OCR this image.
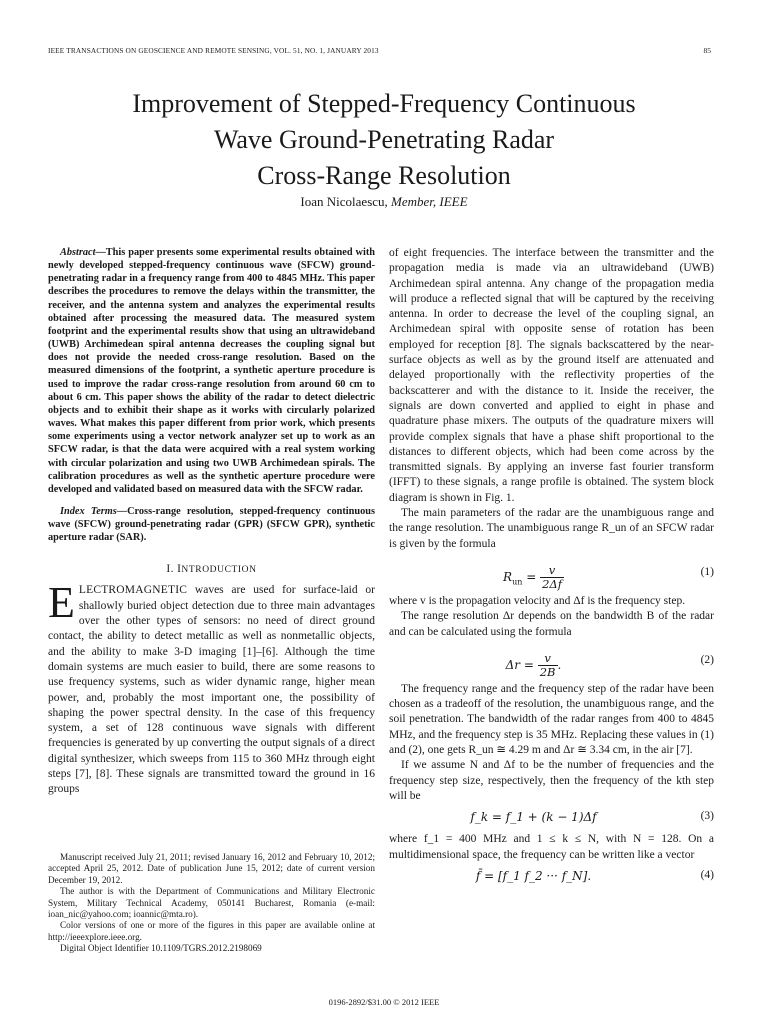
IEEE TRANSACTIONS ON GEOSCIENCE AND REMOTE SENSING, VOL. 51, NO. 1, JANUARY 2013	85
Improvement of Stepped-Frequency Continuous
Wave Ground-Penetrating Radar
Cross-Range Resolution
Ioan Nicolaescu, Member, IEEE

Abstract—This paper presents some experimental results obtained with newly developed stepped-frequency continuous wave (SFCW) ground-penetrating radar in a frequency range from 400 to 4845 MHz. This paper describes the procedures to remove the delays within the transmitter, the receiver, and the antenna system and analyzes the experimental results obtained after processing the measured data. The measured system footprint and the experimental results show that using an ultrawideband (UWB) Archimedean spiral antenna decreases the coupling signal but does not provide the needed cross-range resolution. Based on the measured dimensions of the footprint, a synthetic aperture procedure is used to improve the radar cross-range resolution from around 60 cm to about 6 cm. This paper shows the ability of the radar to detect dielectric objects and to exhibit their shape as it works with circularly polarized waves. What makes this paper different from prior work, which presents some experiments using a vector network analyzer set up to work as an SFCW radar, is that the data were acquired with a real system working with circular polarization and using two UWB Archimedean spirals. The calibration procedures as well as the synthetic aperture procedure were developed and validated based on measured data with the SFCW radar.

Index Terms—Cross-range resolution, stepped-frequency continuous wave (SFCW) ground-penetrating radar (GPR) (SFCW GPR), synthetic aperture radar (SAR).

I. INTRODUCTION

ELECTROMAGNETIC waves are used for surface-laid or shallowly buried object detection due to three main advantages over the other types of sensors: no need of direct ground contact, the ability to detect metallic as well as nonmetallic objects, and the ability to make 3-D imaging [1]–[6]. Although the time domain systems are much easier to build, there are some reasons to use frequency systems, such as wider dynamic range, higher mean power, and, probably the most important one, the possibility of shaping the power spectral density. In the case of this frequency system, a set of 128 continuous wave signals with different frequencies is generated by up converting the output signals of a direct digital synthesizer, which sweeps from 115 to 360 MHz through eight steps [7], [8]. These signals are transmitted toward the ground in 16 groups

Manuscript received July 21, 2011; revised January 16, 2012 and February 10, 2012; accepted April 25, 2012. Date of publication June 15, 2012; date of current version December 19, 2012.

The author is with the Department of Communications and Military Electronic System, Military Technical Academy, 050141 Bucharest, Romania (e-mail: ioan_nic@yahoo.com; ioannic@mta.ro).

Color versions of one or more of the figures in this paper are available online at http://ieeexplore.ieee.org.

Digital Object Identifier 10.1109/TGRS.2012.2198069

of eight frequencies. The interface between the transmitter and the propagation media is made via an ultrawideband (UWB) Archimedean spiral antenna. Any change of the propagation media will produce a reflected signal that will be captured by the receiving antenna. In order to decrease the level of the coupling signal, an Archimedean spiral with opposite sense of rotation has been employed for reception [8]. The signals backscattered by the near-surface objects as well as by the ground itself are attenuated and delayed proportionally with the reflectivity properties of the backscatterer and with the distance to it. Inside the receiver, the signals are down converted and applied to eight in phase and quadrature phase mixers. The outputs of the quadrature mixers will provide complex signals that have a phase shift proportional to the distances to different objects, which had been come across by the transmitted signals. By applying an inverse fast fourier transform (IFFT) to these signals, a range profile is obtained. The system block diagram is shown in Fig. 1.

The main parameters of the radar are the unambiguous range and the range resolution. The unambiguous range R_un of an SFCW radar is given by the formula

$R_{un} = \frac{v}{2\Delta f}$	(1)

where v is the propagation velocity and Δf is the frequency step.

The range resolution Δr depends on the bandwidth B of the radar and can be calculated using the formula

$\Delta r = \frac{v}{2B}$ .	(2)

The frequency range and the frequency step of the radar have been chosen as a tradeoff of the resolution, the unambiguous range, and the soil penetration. The bandwidth of the radar ranges from 400 to 4845 MHz, and the frequency step is 35 MHz. Replacing these values in (1) and (2), one gets R_un ≅ 4.29 m and Δr ≅ 3.34 cm, in the air [7].

If we assume N and Δf to be the number of frequencies and the frequency step size, respectively, then the frequency of the kth step will be

f_k = f_1 + (k − 1)Δf	(3)

where f_1 = 400 MHz and 1 ≤ k ≤ N, with N = 128. On a multidimensional space, the frequency can be written like a vector

f̄ = [f_1 f_2 ··· f_N].	(4)
0196-2892/$31.00 © 2012 IEEE
